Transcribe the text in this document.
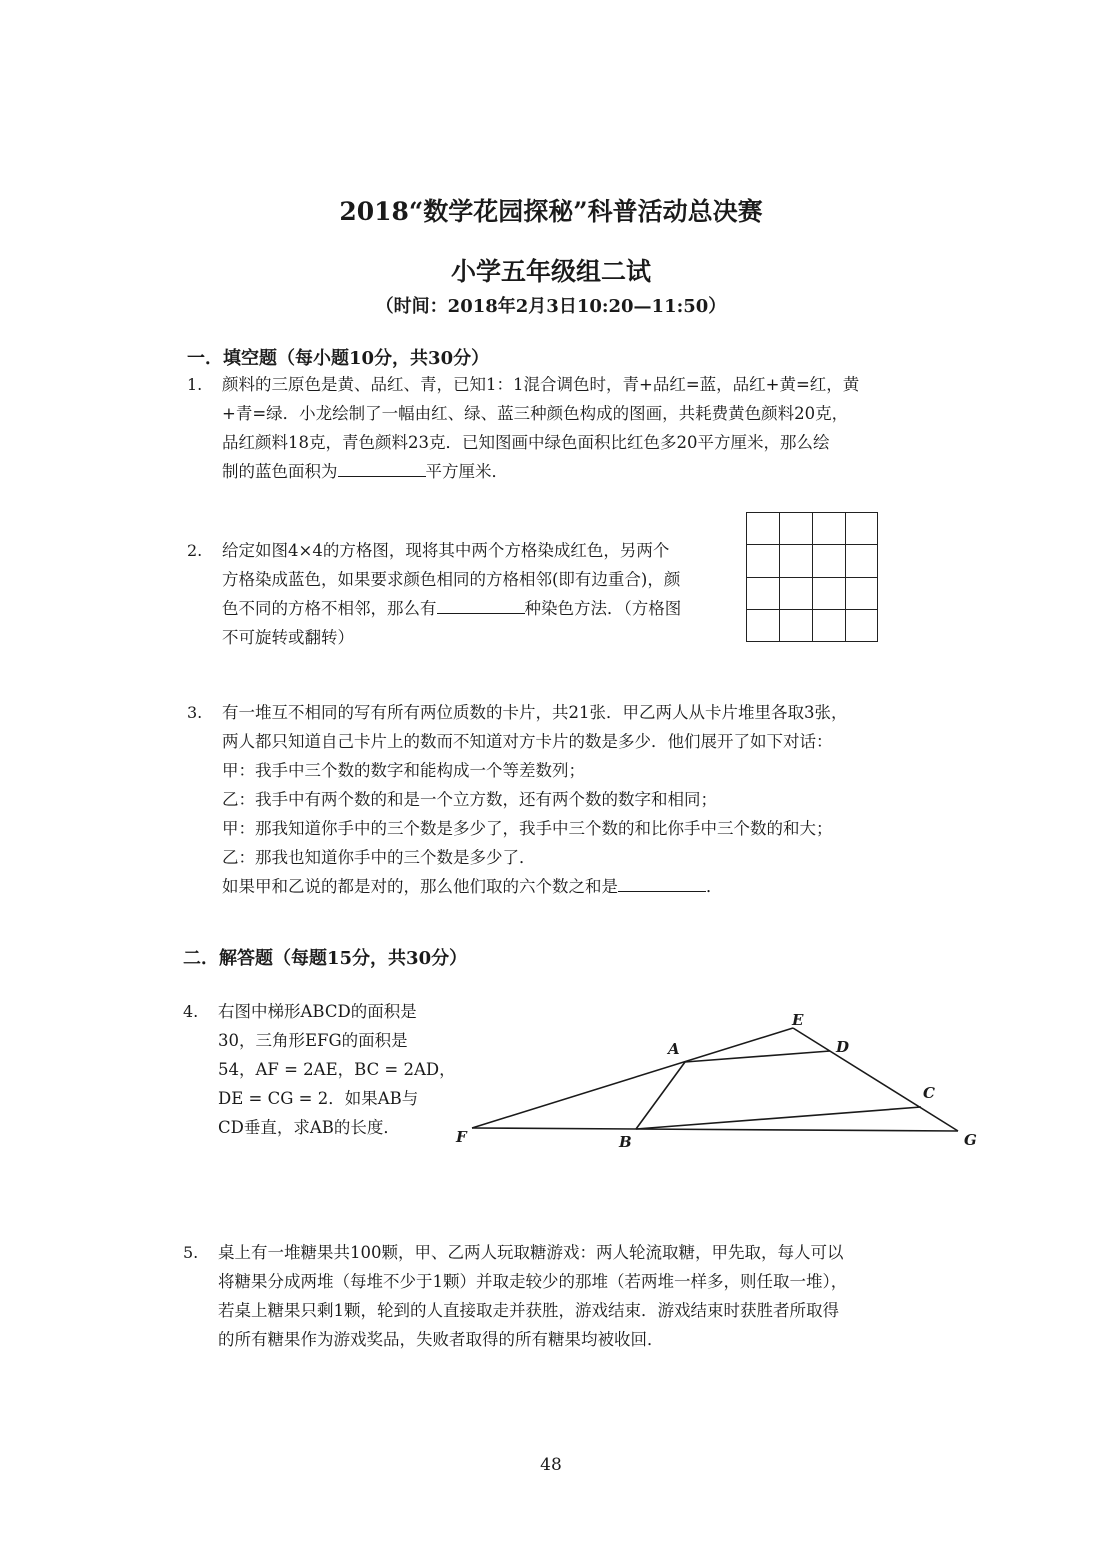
2018“数学花园探秘”科普活动总决赛
小学五年级组二试
（时间：2018年2月3日10:20—11:50）
一．填空题（每小题10分，共30分）
1. 颜料的三原色是黄、品红、青，已知1：1混合调色时，青+品红=蓝，品红+黄=红，黄
+青=绿．小龙绘制了一幅由红、绿、蓝三种颜色构成的图画，共耗费黄色颜料20克，
品红颜料18克，青色颜料23克．已知图画中绿色面积比红色多20平方厘米，那么绘
制的蓝色面积为	平方厘米．
2. 给定如图4×4的方格图，现将其中两个方格染成红色，另两个
方格染成蓝色，如果要求颜色相同的方格相邻(即有边重合)，颜
色不同的方格不相邻，那么有	种染色方法．（方格图
不可旋转或翻转）
3. 有一堆互不相同的写有所有两位质数的卡片，共21张．甲乙两人从卡片堆里各取3张，
两人都只知道自己卡片上的数而不知道对方卡片的数是多少．他们展开了如下对话：
甲：我手中三个数的数字和能构成一个等差数列；
乙：我手中有两个数的和是一个立方数，还有两个数的数字和相同；
甲：那我知道你手中的三个数是多少了，我手中三个数的和比你手中三个数的和大；
乙：那我也知道你手中的三个数是多少了．
如果甲和乙说的都是对的，那么他们取的六个数之和是	．
二．解答题（每题15分，共30分）
4. 右图中梯形ABCD的面积是
30，三角形EFG的面积是
54，AF = 2AE，BC = 2AD，
DE = CG = 2．如果AB与
CD垂直，求AB的长度．
E
A	D
C
F	B	G
5. 桌上有一堆糖果共100颗，甲、乙两人玩取糖游戏：两人轮流取糖，甲先取，每人可以
将糖果分成两堆（每堆不少于1颗）并取走较少的那堆（若两堆一样多，则任取一堆），
若桌上糖果只剩1颗，轮到的人直接取走并获胜，游戏结束．游戏结束时获胜者所取得
的所有糖果作为游戏奖品，失败者取得的所有糖果均被收回．
48
